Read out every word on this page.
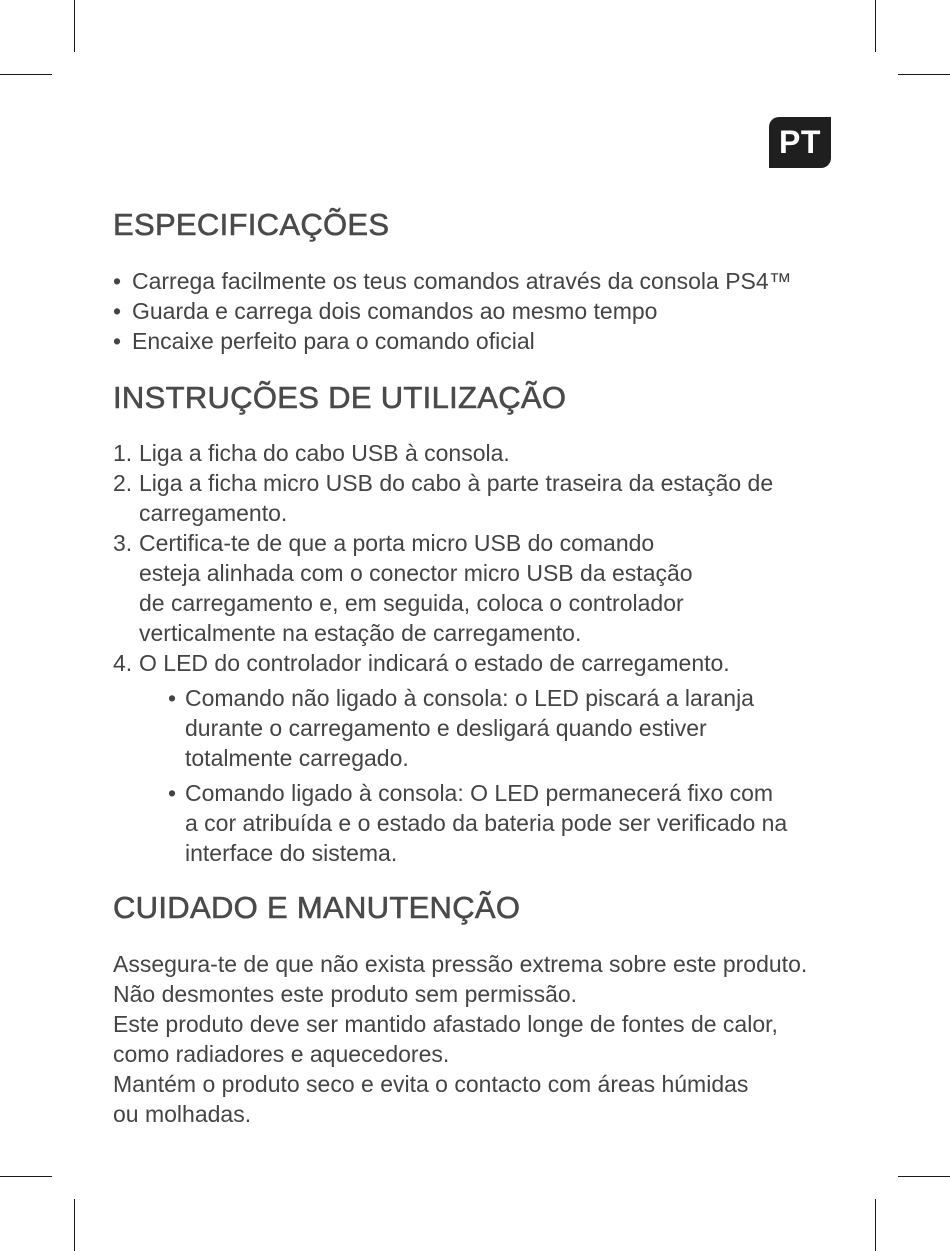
PT
ESPECIFICAÇÕES
• Carrega facilmente os teus comandos através da consola PS4™
• Guarda e carrega dois comandos ao mesmo tempo
• Encaixe perfeito para o comando oficial
INSTRUÇÕES DE UTILIZAÇÃO
1. Liga a ficha do cabo USB à consola.
2. Liga a ficha micro USB do cabo à parte traseira da estação de carregamento.
3. Certifica-te de que a porta micro USB do comando
esteja alinhada com o conector micro USB da estação
de carregamento e, em seguida, coloca o controlador
verticalmente na estação de carregamento.
4. O LED do controlador indicará o estado de carregamento.
• Comando não ligado à consola: o LED piscará a laranja
durante o carregamento e desligará quando estiver
totalmente carregado.
• Comando ligado à consola: O LED permanecerá fixo com
a cor atribuída e o estado da bateria pode ser verificado na
interface do sistema.
CUIDADO E MANUTENÇÃO

Assegura-te de que não exista pressão extrema sobre este produto.

Não desmontes este produto sem permissão.

Este produto deve ser mantido afastado longe de fontes de calor,

como radiadores e aquecedores.

Mantém o produto seco e evita o contacto com áreas húmidas

ou molhadas.
